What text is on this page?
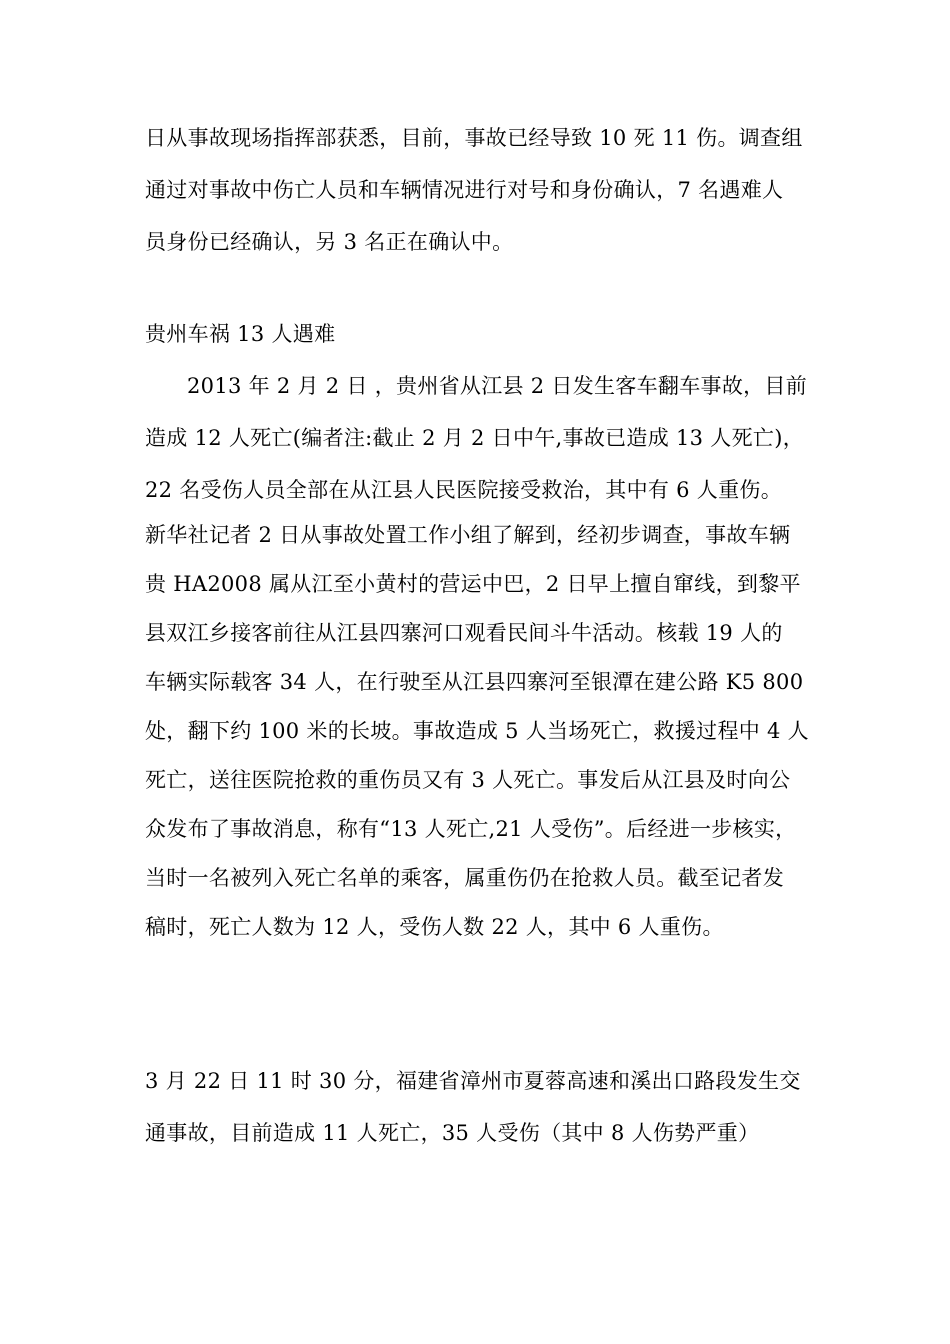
日从事故现场指挥部获悉，目前，事故已经导致 10 死 11 伤。调查组
通过对事故中伤亡人员和车辆情况进行对号和身份确认，7 名遇难人
员身份已经确认，另 3 名正在确认中。
贵州车祸 13 人遇难
2013 年 2 月 2 日 ，贵州省从江县 2 日发生客车翻车事故，目前
造成 12 人死亡(编者注:截止 2 月 2 日中午,事故已造成 13 人死亡)，
22 名受伤人员全部在从江县人民医院接受救治，其中有 6 人重伤。
新华社记者 2 日从事故处置工作小组了解到，经初步调查，事故车辆
贵 HA2008 属从江至小黄村的营运中巴，2 日早上擅自窜线，到黎平
县双江乡接客前往从江县四寨河口观看民间斗牛活动。核载 19 人的
车辆实际载客 34 人，在行驶至从江县四寨河至银潭在建公路 K5 800
处，翻下约 100 米的长坡。事故造成 5 人当场死亡，救援过程中 4 人
死亡，送往医院抢救的重伤员又有 3 人死亡。事发后从江县及时向公
众发布了事故消息，称有“13 人死亡,21 人受伤”。后经进一步核实，
当时一名被列入死亡名单的乘客，属重伤仍在抢救人员。截至记者发
稿时，死亡人数为 12 人，受伤人数 22 人，其中 6 人重伤。
3 月 22 日 11 时 30 分，福建省漳州市夏蓉高速和溪出口路段发生交
通事故，目前造成 11 人死亡，35 人受伤（其中 8 人伤势严重）
